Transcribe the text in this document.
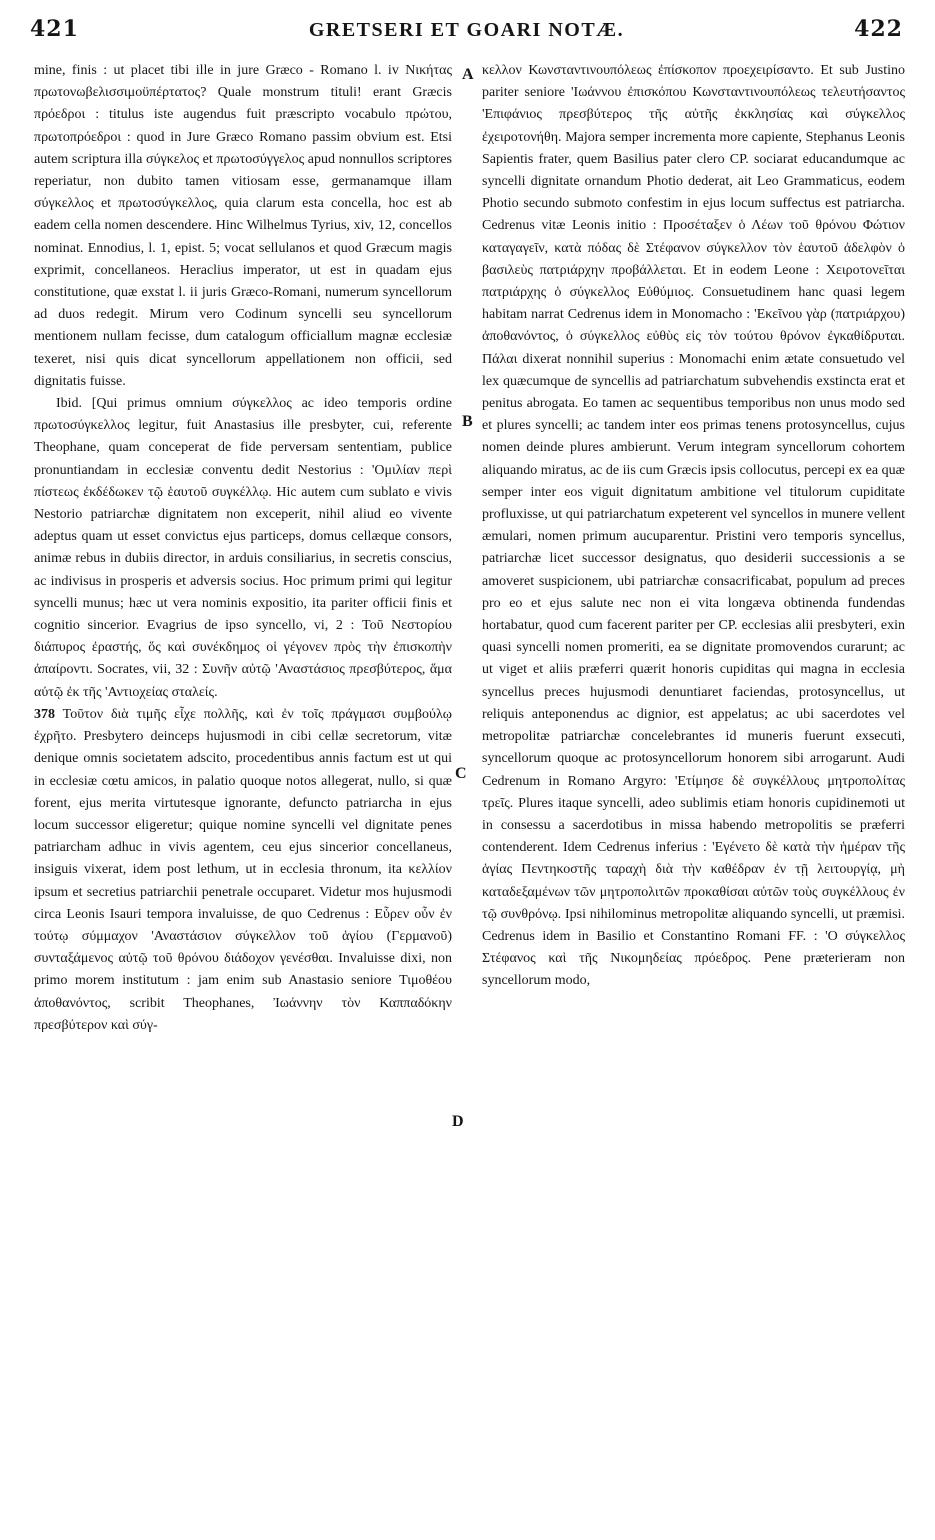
421	GRETSERI ET GOARI NOTÆ.	422

mine, finis : ut placet tibi ille in jure Græco - Romano l. iv Νικήτας πρωτονωβελισσιμοϋπέρτατος? Quale monstrum tituli! erant Græcis πρόεδροι : titulus iste augendus fuit præscripto vocabulo πρώτου, πρωτοπρόεδροι : quod in Jure Græco Romano passim obvium est. Etsi autem scriptura illa σύγκελος et πρωτοσύγγελος apud nonnullos scriptores reperiatur, non dubito tamen vitiosam esse, germanamque illam σύγκελλος et πρωτοσύγκελλος, quia clarum esta concella, hoc est ab eadem cella nomen descendere. Hinc Wilhelmus Tyrius, xiv, 12, concellos nominat. Ennodius, l. 1, epist. 5; vocat sellulanos et quod Græcum magis exprimit, concellaneos. Heraclius imperator, ut est in quadam ejus constitutione, quæ exstat l. ii juris Græco-Romani, numerum syncellorum ad duos redegit. Mirum vero Codinum syncelli seu syncellorum mentionem nullam fecisse, dum catalogum officiallum magnæ ecclesiæ texeret, nisi quis dicat syncellorum appellationem non officii, sed dignitatis fuisse.

Ibid. [Qui primus omnium σύγκελλος ac ideo temporis ordine πρωτοσύγκελλος legitur, fuit Anastasius ille presbyter, cui, referente Theophane, quam conceperat de fide perversam sententiam, publice pronuntiandam in ecclesiæ conventu dedit Nestorius : 'Ομιλίαν περὶ πίστεως ἐκδέδωκεν τῷ ἑαυτοῦ συγκέλλῳ. Hic autem cum sublato e vivis Nestorio patriarchæ dignitatem non exceperit, nihil aliud eo vivente adeptus quam ut esset convictus ejus particeps, domus cellæque consors, animæ rebus in dubiis director, in arduis consiliarius, in secretis conscius, ac indivisus in prosperis et adversis socius. Hoc primum primi qui legitur syncelli munus; hæc ut vera nominis expositio, ita pariter officii finis et cognitio sincerior. Evagrius de ipso syncello, vi, 2 : Τοῦ Νεστορίου διάπυρος ἐραστής, ὅς καὶ συνέκδημος οἱ γέγονεν πρὸς τὴν ἐπισκοπὴν ἀπαίροντι. Socrates, vii, 32 : Συνῆν αὐτῷ 'Αναστάσιος πρεσβύτερος, ἅμα αὐτῷ ἐκ τῆς 'Αντιοχείας σταλείς.

378 Τοῦτον διὰ τιμῆς εἶχε πολλῆς, καὶ ἐν τοῖς πράγμασι συμβούλῳ ἐχρῆτο. Presbytero deinceps hujusmodi in cibi cellæ secretorum, vitæ denique omnis societatem adscito, procedentibus annis factum est ut qui in ecclesiæ cœtu amicos, in palatio quoque notos allegerat, nullo, si quæ forent, ejus merita virtutesque ignorante, defuncto patriarcha in ejus locum successor eligeretur; quique nomine syncelli vel dignitate penes patriarcham adhuc in vivis agentem, ceu ejus sincerior concellaneus, insiguis vixerat, idem post lethum, ut in ecclesia thronum, ita κελλίον ipsum et secretius patriarchii penetrale occuparet. Videtur mos hujusmodi circa Leonis Isauri tempora invaluisse, de quo Cedrenus : Εὗρεν οὖν ἐν τούτῳ σύμμαχον 'Αναστάσιον σύγκελλον τοῦ ἁγίου (Γερμανοῦ) συνταξάμενος αὐτῷ τοῦ θρόνου διάδοχον γενέσθαι. Invaluisse dixi, non primo morem institutum : jam enim sub Anastasio seniore Τιμοθέου ἀποθανόντος, scribit Theophanes, Ἰωάννην τὸν Καππαδόκην πρεσβύτερον καὶ σύγ-

A
B
C
D

κελλον Κωνσταντινουπόλεως ἐπίσκοπον προεχειρίσαντο. Et sub Justino pariter seniore 'Ιωάννου ἐπισκόπου Κωνσταντινουπόλεως τελευτήσαντος 'Επιφάνιος πρεσβύτερος τῆς αὐτῆς ἐκκλησίας καὶ σύγκελλος ἐχειροτονήθη. Majora semper incrementa more capiente, Stephanus Leonis Sapientis frater, quem Basilius pater clero CP. sociarat educandumque ac syncelli dignitate ornandum Photio dederat, ait Leo Grammaticus, eodem Photio secundo submoto confestim in ejus locum suffectus est patriarcha. Cedrenus vitæ Leonis initio : Προσέταξεν ὁ Λέων τοῦ θρόνου Φώτιον καταγαγεῖν, κατὰ πόδας δὲ Στέφανον σύγκελλον τὸν ἑαυτοῦ ἀδελφὸν ὁ βασιλεὺς πατριάρχην προβάλλεται. Et in eodem Leone : Χειροτονεῖται πατριάρχης ὁ σύγκελλος Εὐθύμιος. Consuetudinem hanc quasi legem habitam narrat Cedrenus idem in Monomacho : 'Εκεῖνου γὰρ (πατριάρχου) ἀποθανόντος, ὁ σύγκελλος εὐθὺς εἰς τὸν τούτου θρόνον ἐγκαθίδρυται. Πάλαι dixerat nonnihil superius : Monomachi enim ætate consuetudo vel lex quæcumque de syncellis ad patriarchatum subvehendis exstincta erat et penitus abrogata. Eo tamen ac sequentibus temporibus non unus modo sed et plures syncelli; ac tandem inter eos primas tenens protosyncellus, cujus nomen deinde plures ambierunt. Verum integram syncellorum cohortem aliquando miratus, ac de iis cum Græcis ipsis collocutus, percepi ex ea quæ semper inter eos viguit dignitatum ambitione vel titulorum cupiditate profluxisse, ut qui patriarchatum expeterent vel syncellos in munere vellent æmulari, nomen primum aucuparentur. Pristini vero temporis syncellus, patriarchæ licet successor designatus, quo desiderii successionis a se amoveret suspicionem, ubi patriarchæ consacrificabat, populum ad preces pro eo et ejus salute nec non ei vita longæva obtinenda fundendas hortabatur, quod cum facerent pariter per CP. ecclesias alii presbyteri, exin quasi syncelli nomen promeriti, ea se dignitate promovendos curarunt; ac ut viget et aliis præferri quærit honoris cupiditas qui magna in ecclesia syncellus preces hujusmodi denuntiaret faciendas, protosyncellus, ut reliquis anteponendus ac dignior, est appelatus; ac ubi sacerdotes vel metropolitæ patriarchæ concelebrantes id muneris fuerunt exsecuti, syncellorum quoque ac protosyncellorum honorem sibi arrogarunt. Audi Cedrenum in Romano Argyro: 'Ετίμησε δὲ συγκέλλους μητροπολίτας τρεῖς. Plures itaque syncelli, adeo sublimis etiam honoris cupidinemoti ut in consessu a sacerdotibus in missa habendo metropolitis se præferri contenderent. Idem Cedrenus inferius : 'Εγένετο δὲ κατὰ τὴν ἡμέραν τῆς ἁγίας Πεντηκοστῆς ταραχὴ διὰ τὴν καθέδραν ἐν τῇ λειτουργίᾳ, μὴ καταδεξαμένων τῶν μητροπολιτῶν προκαθίσαι αὐτῶν τοὺς συγκέλλους ἐν τῷ συνθρόνῳ. Ipsi nihilominus metropolitæ aliquando syncelli, ut præmisi. Cedrenus idem in Basilio et Constantino Romani FF. : 'Ο σύγκελλος Στέφανος καὶ τῆς Νικομηδείας πρόεδρος. Pene præterieram non syncellorum modo,
